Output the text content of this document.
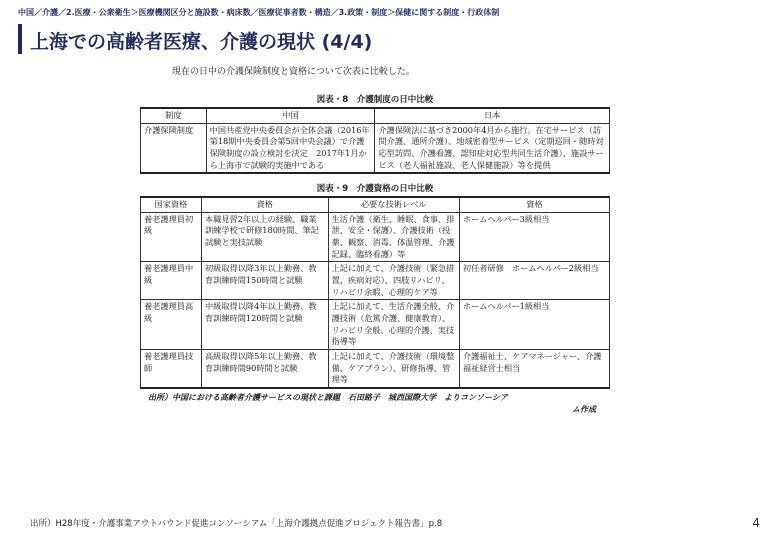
中国／介護／2.医療・公衆衛生＞医療機関区分と施設数・病床数／医療従事者数・構造／3.政策・制度＞保健に関する制度・行政体制
上海での高齢者医療、介護の現状 (4/4)

現在の日中の介護保険制度と資格について次表に比較した。

図表・8　介護制度の日中比較
制度	中国	日本
介護保険制度	中国共産党中央委員会が全体会議（2016年第18期中央委員会第5回中央会議）で介護保険制度の設立検討を決定　2017年1月から上海市で試験的実施中である	介護保険法に基づき2000年4月から施行。在宅サービス（訪問介護、通所介護）、地域密着型サービス（定期巡回・随時対応型訪問、介護看護、認知症対応型共同生活介護）、施設サービス（老人福祉施設、老人保健施設）等を提供
図表・9　介護資格の日中比較
国家資格	資格	必要な技術レベル	資格
養老護理員初級	本職見習2年以上の経験、職業訓練学校で研修180時間、筆記試験と実技試験	生活介護（衛生、睡眠、食事、排泄、安全・保護）、介護技術（投薬、観察、消毒、体温管理、介護記録、臨終看護）等	ホームヘルパー3級相当
養老護理員中級	初級取得以降3年以上勤務、教育訓練時間150時間と試験	上記に加えて、介護技術（緊急措置、疾病対応）、四肢リハビリ、リハビリ余暇、心理的ケア等	初任者研修　ホームヘルパー2級相当
養老護理員高級	中級取得以降4年以上勤務、教育訓練時間120時間と試験	上記に加えて、生活介護全般、介護技術（危篤介護、健康教育）、リハビリ全般、心理的介護、実技指導等	ホームヘルパー1級相当
養老護理員技師	高級取得以降5年以上勤務、教育訓練時間90時間と試験	上記に加えて、介護技術（環境整備、ケアプラン）、研修指導、管理等	介護福祉士、ケアマネージャー、介護福祉経営士相当
出所）中国における高齢者介護サービスの現状と課題　石田路子　城西国際大学　よりコンソーシア
ム作成
出所）H28年度・介護事業アウトバウンド促進コンソーシアム「上海介護拠点促進プロジェクト報告書」p.8	4
